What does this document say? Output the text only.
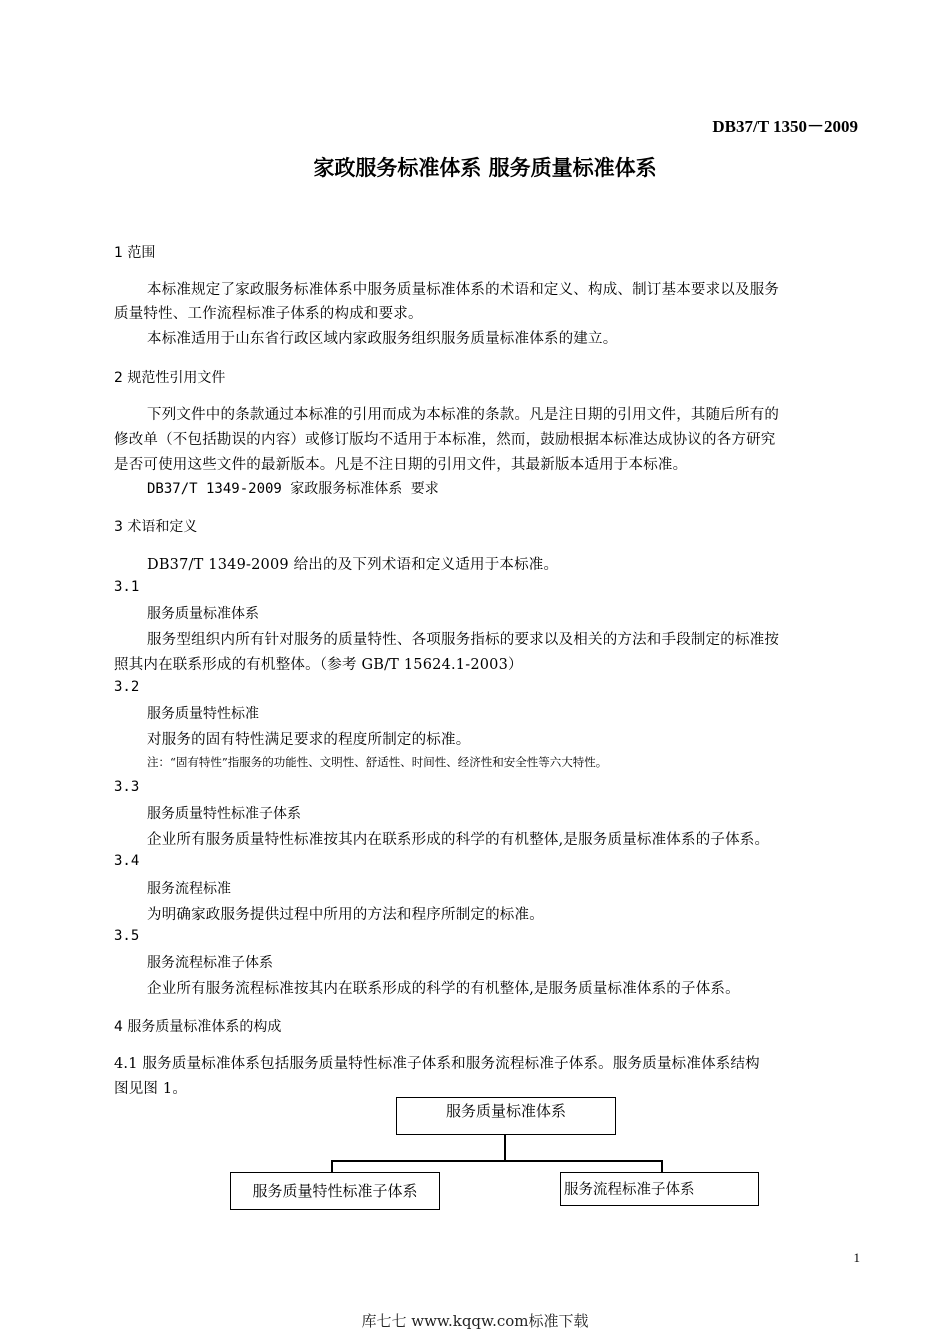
DB37/T 1350－2009
家政服务标准体系 服务质量标准体系
1 范围
本标准规定了家政服务标准体系中服务质量标准体系的术语和定义、构成、制订基本要求以及服务
质量特性、工作流程标准子体系的构成和要求。
本标准适用于山东省行政区域内家政服务组织服务质量标准体系的建立。
2 规范性引用文件
下列文件中的条款通过本标准的引用而成为本标准的条款。凡是注日期的引用文件，其随后所有的
修改单（不包括勘误的内容）或修订版均不适用于本标准，然而，鼓励根据本标准达成协议的各方研究
是否可使用这些文件的最新版本。凡是不注日期的引用文件，其最新版本适用于本标准。
DB37/T 1349-2009 家政服务标准体系 要求
3 术语和定义
DB37/T 1349-2009 给出的及下列术语和定义适用于本标准。
3.1
服务质量标准体系
服务型组织内所有针对服务的质量特性、各项服务指标的要求以及相关的方法和手段制定的标准按
照其内在联系形成的有机整体。（参考 GB/T 15624.1-2003）
3.2
服务质量特性标准
对服务的固有特性满足要求的程度所制定的标准。
注：“固有特性”指服务的功能性、文明性、舒适性、时间性、经济性和安全性等六大特性。
3.3
服务质量特性标准子体系
企业所有服务质量特性标准按其内在联系形成的科学的有机整体,是服务质量标准体系的子体系。
3.4
服务流程标准
为明确家政服务提供过程中所用的方法和程序所制定的标准。
3.5
服务流程标准子体系
企业所有服务流程标准按其内在联系形成的科学的有机整体,是服务质量标准体系的子体系。
4 服务质量标准体系的构成
4.1 服务质量标准体系包括服务质量特性标准子体系和服务流程标准子体系。服务质量标准体系结构
图见图 1。
服务质量标准体系
服务质量特性标准子体系	服务流程标准子体系
1
库七七 www.kqqw.com标准下载
